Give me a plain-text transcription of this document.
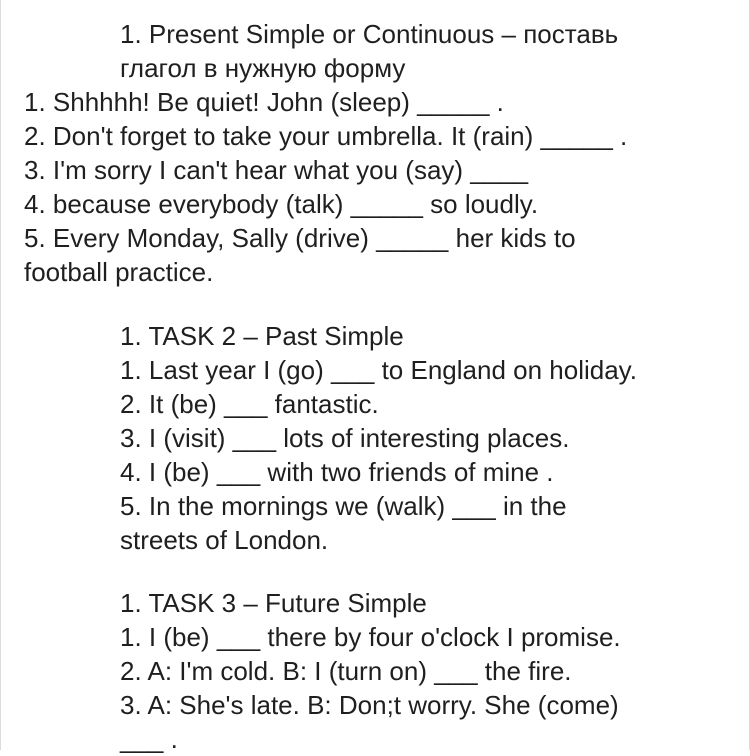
1. Present Simple or Continuous – поставь
глагол в нужную форму
1. Shhhhh! Be quiet! John (sleep) _____ .
2. Don't forget to take your umbrella. It (rain) _____ .
3. I'm sorry I can't hear what you (say) ____
4. because everybody (talk) _____ so loudly.
5. Every Monday, Sally (drive) _____ her kids to
football practice.
1. TASK 2 – Past Simple
1. Last year I (go) ___ to England on holiday.
2. It (be) ___ fantastic.
3. I (visit) ___ lots of interesting places.
4. I (be) ___ with two friends of mine .
5. In the mornings we (walk) ___ in the
streets of London.
1. TASK 3 – Future Simple
1. I (be) ___ there by four o'clock I promise.
2. A: I'm cold. B: I (turn on) ___ the fire.
3. A: She's late. B: Don;t worry. She (come)
___ .
